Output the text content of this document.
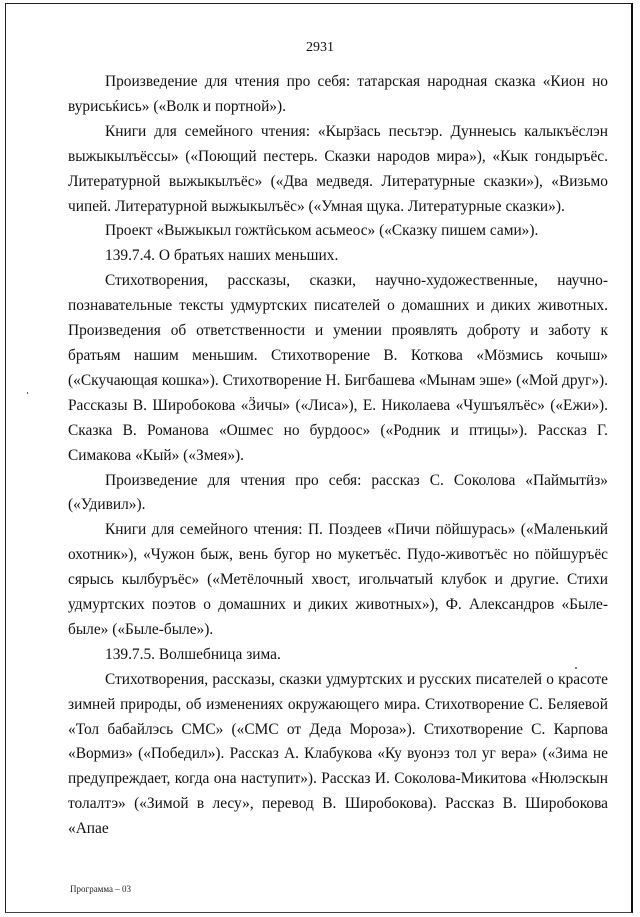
2931

Произведение для чтения про себя: татарская народная сказка «Кион но вурисьќись» («Волк и портной»).

Книги для семейного чтения: «Кырӟась песьтэр. Дуннеысь калыкъёслэн выжыкылъёссы» («Поющий пестерь. Сказки народов мира»), «Кык гондыръёс. Литературной выжыкылъёс» («Два медведя. Литературные сказки»), «Визьмо чипей. Литературной выжыкылъёс» («Умная щука. Литературные сказки»).

Проект «Выжыкыл гожтӥськом асьмеос» («Сказку пишем сами»).

139.7.4. О братьях наших меньших.

Стихотворения, рассказы, сказки, научно-художественные, научно-познавательные тексты удмуртских писателей о домашних и диких животных. Произведения об ответственности и умении проявлять доброту и заботу к братьям нашим меньшим. Стихотворение В. Коткова «Мӧзмись кочыш» («Скучающая кошка»). Стихотворение Н. Бигбашева «Мынам эше» («Мой друг»). Рассказы В. Широбокова «Ӟичы» («Лиса»), Е. Николаева «Чушъялъёс» («Ежи»). Сказка В. Романова «Ошмес но бурдоос» («Родник и птицы»). Рассказ Г. Симакова «Кый» («Змея»).

Произведение для чтения про себя: рассказ С. Соколова «Паймытӥз» («Удивил»).

Книги для семейного чтения: П. Поздеев «Пичи пӧйшурась» («Маленький охотник»), «Чужон быж, вень бугор но мукетъёс. Пудо-животъёс но пӧйшуръёс сярысь кылбуръёс» («Метёлочный хвост, игольчатый клубок и другие. Стихи удмуртских поэтов о домашних и диких животных»), Ф. Александров «Быле-быле» («Быле-быле»).

139.7.5. Волшебница зима.

Стихотворения, рассказы, сказки удмуртских и русских писателей о красоте зимней природы, об изменениях окружающего мира. Стихотворение С. Беляевой «Тол бабайлэсь СМС» («СМС от Деда Мороза»). Стихотворение С. Карпова «Вормиз» («Победил»). Рассказ А. Клабукова «Ку вуонэз тол уг вера» («Зима не предупреждает, когда она наступит»). Рассказ И. Соколова-Микитова «Нюлэскын толалтэ» («Зимой в лесу», перевод В. Широбокова). Рассказ В. Широбокова «Апае

Программа – 03
